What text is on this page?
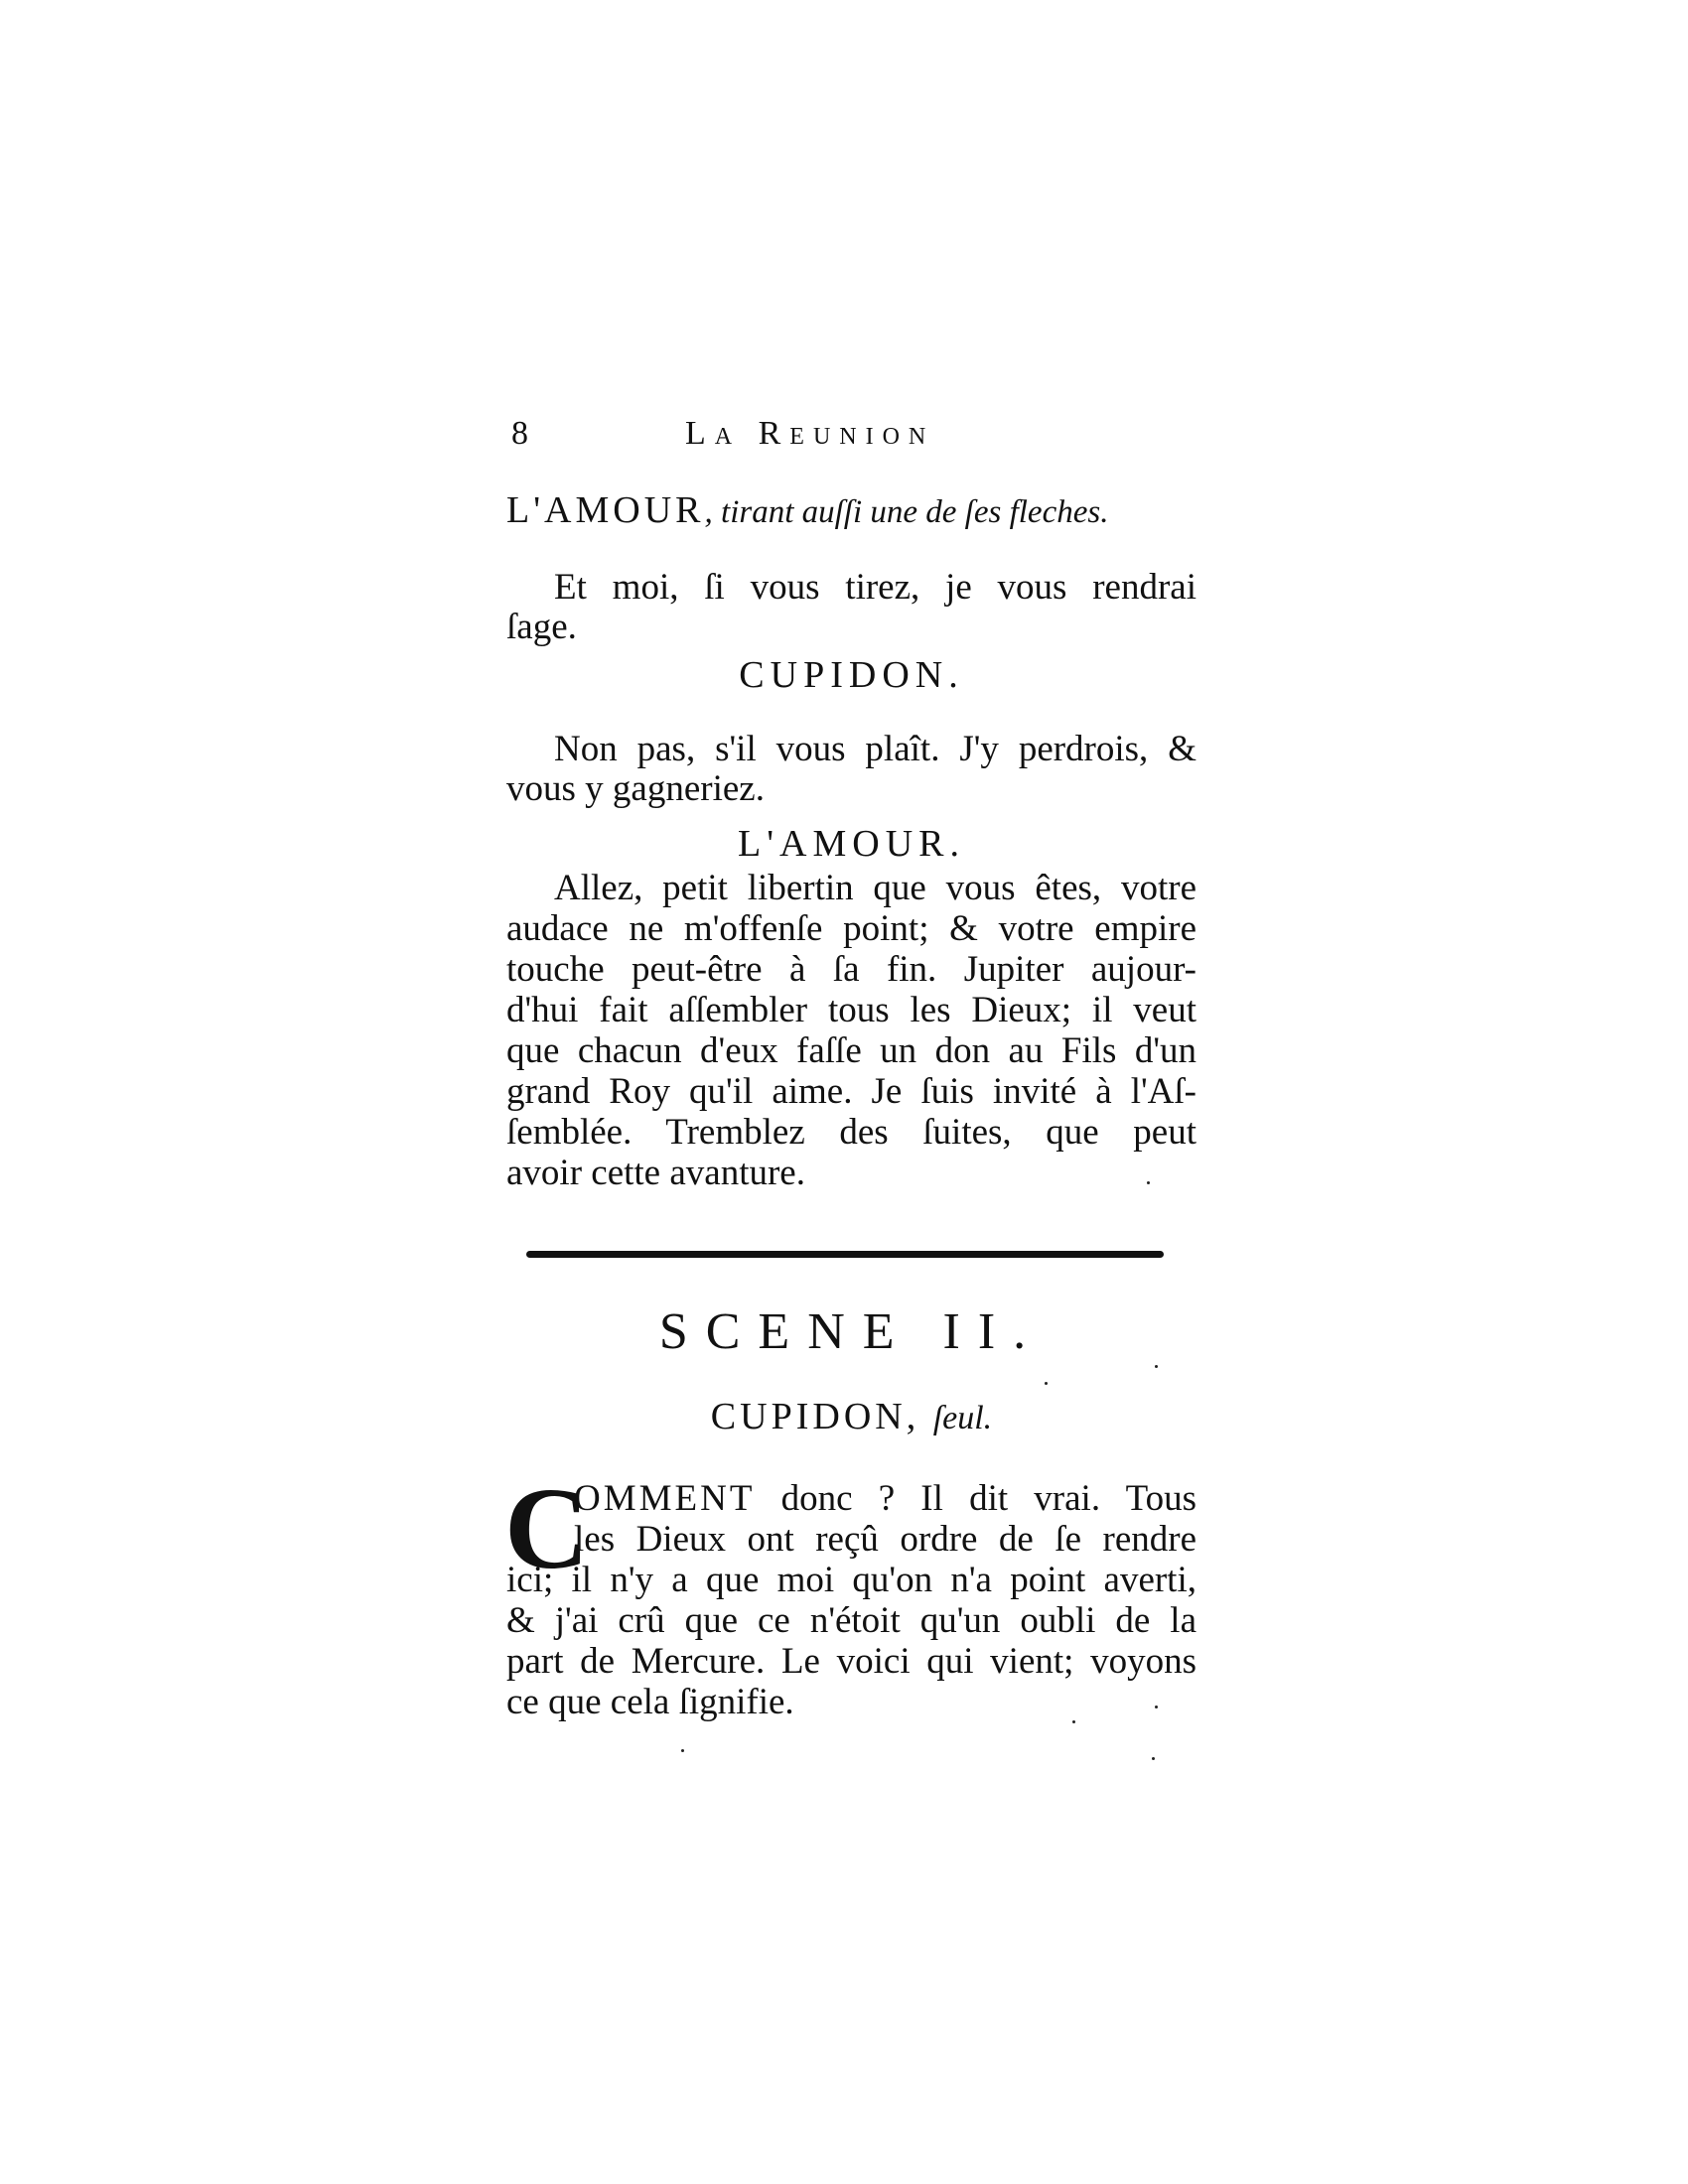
8	La Reunion
L'AMOUR, tirant auſſi une de ſes fleches.
Et moi, ſi vous tirez, je vous rendrai
ſage.
CUPIDON.
Non pas, s'il vous plaît. J'y perdrois, &
vous y gagneriez.
L'AMOUR.
Allez, petit libertin que vous êtes, votre
audace ne m'offenſe point; & votre empire
touche peut-être à ſa fin. Jupiter aujour-
d'hui fait aſſembler tous les Dieux; il veut
que chacun d'eux faſſe un don au Fils d'un
grand Roy qu'il aime. Je ſuis invité à l'Aſ-
ſemblée. Tremblez des ſuites, que peut
avoir cette avanture.
SCENE II.
CUPIDON, ſeul.
C
OMMENT donc ? Il dit vrai. Tous
les Dieux ont reçû ordre de ſe rendre
ici; il n'y a que moi qu'on n'a point averti,
& j'ai crû que ce n'étoit qu'un oubli de la
part de Mercure. Le voici qui vient; voyons
ce que cela ſignifie.
